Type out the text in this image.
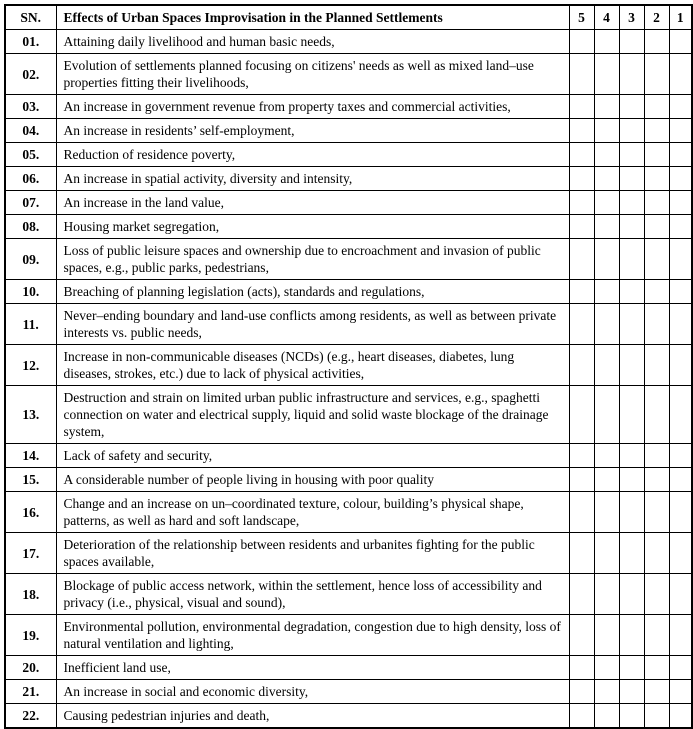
SN.	Effects of Urban Spaces Improvisation in the Planned Settlements	5	4	3	2	1
01.	Attaining daily livelihood and human basic needs,					
02.	Evolution of settlements planned focusing on citizens' needs as well as mixed land–use properties fitting their livelihoods,					
03.	An increase in government revenue from property taxes and commercial activities,					
04.	An increase in residents’ self-employment,					
05.	Reduction of residence poverty,					
06.	An increase in spatial activity, diversity and intensity,					
07.	An increase in the land value,					
08.	Housing market segregation,					
09.	Loss of public leisure spaces and ownership due to encroachment and invasion of public spaces, e.g., public parks, pedestrians,					
10.	Breaching of planning legislation (acts), standards and regulations,					
11.	Never–ending boundary and land-use conflicts among residents, as well as between private interests vs. public needs,					
12.	Increase in non-communicable diseases (NCDs) (e.g., heart diseases, diabetes, lung diseases, strokes, etc.) due to lack of physical activities,					
13.	Destruction and strain on limited urban public infrastructure and services, e.g., spaghetti connection on water and electrical supply, liquid and solid waste blockage of the drainage system,					
14.	Lack of safety and security,					
15.	A considerable number of people living in housing with poor quality					
16.	Change and an increase on un–coordinated texture, colour, building’s physical shape, patterns, as well as hard and soft landscape,					
17.	Deterioration of the relationship between residents and urbanites fighting for the public spaces available,					
18.	Blockage of public access network, within the settlement, hence loss of accessibility and privacy (i.e., physical, visual and sound),					
19.	Environmental pollution, environmental degradation, congestion due to high density, loss of natural ventilation and lighting,					
20.	Inefficient land use,					
21.	An increase in social and economic diversity,					
22.	Causing pedestrian injuries and death,					
